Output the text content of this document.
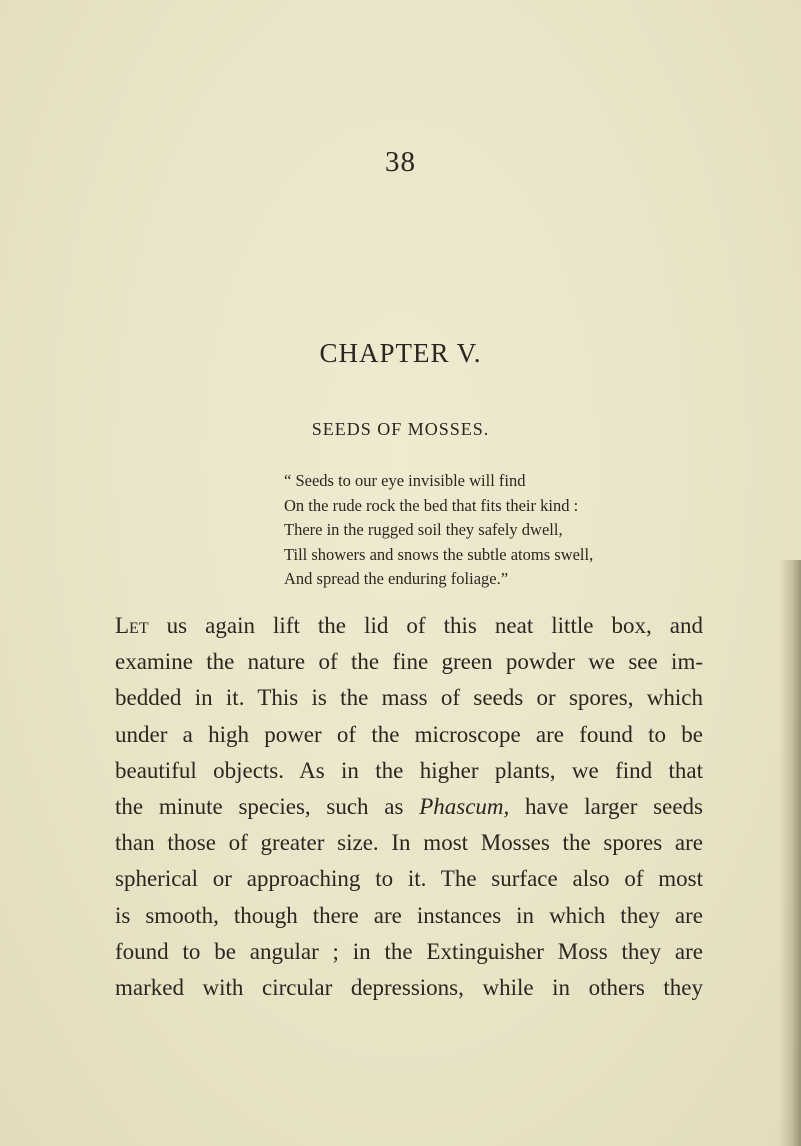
38
CHAPTER V.
SEEDS OF MOSSES.
“ Seeds to our eye invisible will find
On the rude rock the bed that fits their kind :
There in the rugged soil they safely dwell,
Till showers and snows the subtle atoms swell,
And spread the enduring foliage.”
Let us again lift the lid of this neat little box, and
examine the nature of the fine green powder we see im-
bedded in it. This is the mass of seeds or spores, which
under a high power of the microscope are found to be
beautiful objects. As in the higher plants, we find that
the minute species, such as Phascum, have larger seeds
than those of greater size. In most Mosses the spores are
spherical or approaching to it. The surface also of most
is smooth, though there are instances in which they are
found to be angular ; in the Extinguisher Moss they are
marked with circular depressions, while in others they
